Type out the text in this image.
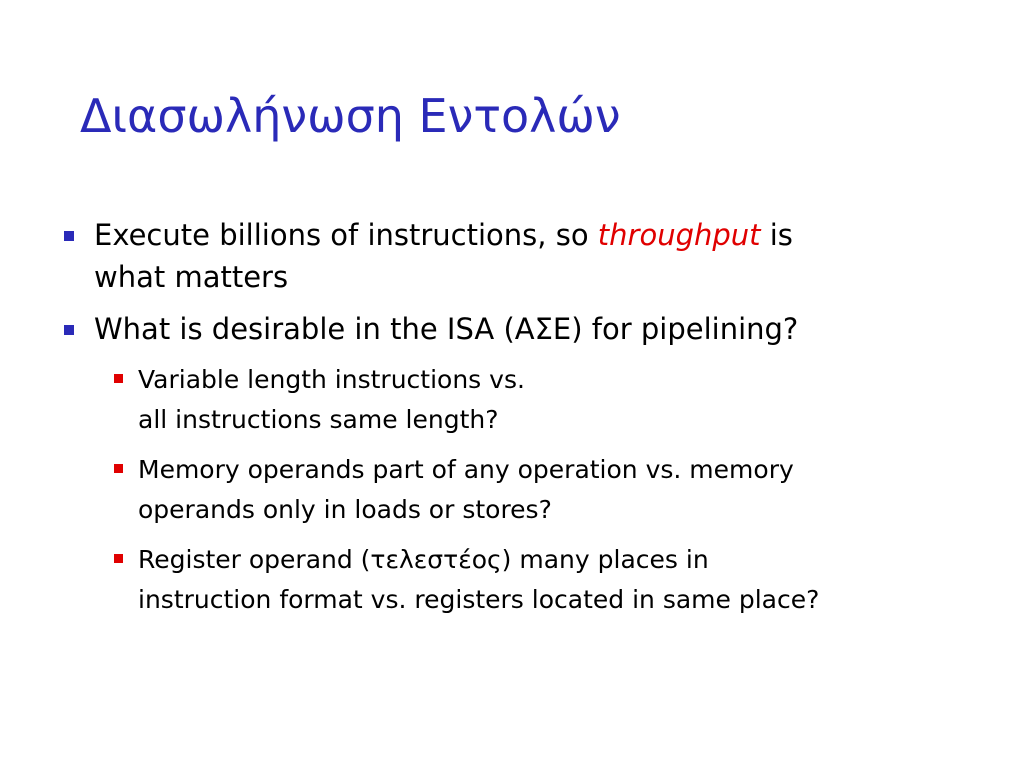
Διασωλήνωση Εντολών
Execute billions of instructions, so throughput is
what matters
What is desirable in the ISA (ΑΣΕ) for pipelining?
Variable length instructions vs.
all instructions same length?
Memory operands part of any operation vs. memory
operands only in loads or stores?
Register operand (τελεστέος) many places in
instruction format vs. registers located in same place?
